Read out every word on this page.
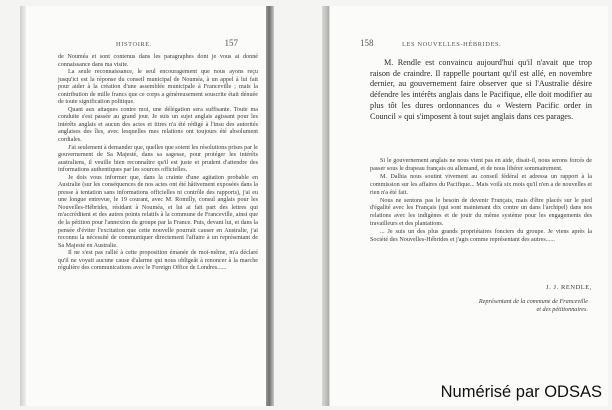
HISTOIRE.	157

de Nouméa et sont contenus dans les paragraphes dont je vous ai donné connaissance dans ma visite.

La seule reconnaissance, le seul encouragement que nous ayons reçu jusqu'ici est la réponse du conseil municipal de Nouméa, à un appel à lui fait pour aider à la création d'une assemblée municipale à Franceville ; mais la contribution de mille francs que ce corps a généreusement souscrite était dénuée de toute signification politique.

Quant aux attaques contre moi, une délégation sera suffisante. Toute ma conduite s'est passée au grand jour. Je suis un sujet anglais agissant pour les intérêts anglais et aucun des actes et titres n'a été rédigé à l'insu des autorités anglaises des îles, avec lesquelles mes relations ont toujours été absolument cordiales.

J'ai seulement à demander que, quelles que soient les résolutions prises par le gouvernement de Sa Majesté, dans sa sagesse, pour protéger les intérêts australiens, il veuille bien reconnaître qu'il est juste et prudent d'attendre des informations authentiques par les sources officielles.

Je dois vous informer que, dans la crainte d'une agitation probable en Australie (sur les conséquences de nos actes ont été hâtivement exposées dans la presse à tentation sans informations officielles ni contrôle des rapports), j'ai eu une longue entrevue, le 19 courant, avec M. Romilly, consul anglais pour les Nouvelles-Hébrides, résidant à Nouméa, et lui ai fait part des lettres qui m'accréditent et des autres points relatifs à la commune de Franceville, ainsi que de la pétition pour l'annexion du groupe par la France. Puis, devant lui, et dans la pensée d'éviter l'excitation que cette nouvelle pourrait causer en Australie, j'ai reconnu la nécessité de communiquer directement l'affaire à un représentant de Sa Majesté en Australie.

Il ne s'est pas rallié à cette proposition émanée de moi-même, m'a déclaré qu'il ne voyait aucune cause d'alarme qui nous obligeât à renoncer à la marche régulière des communications avec le Foreign Office de Londres......

158	LES NOUVELLES-HÉBRIDES.

M. Rendle est convaincu aujourd'hui qu'il n'avait que trop raison de craindre. Il rappelle pourtant qu'il est allé, en novembre dernier, au gouvernement faire observer que si l'Australie désire défendre les intérêts anglais dans le Pacifique, elle doit modifier au plus tôt les dures ordonnances du « Western Pacific order in Council » qui s'imposent à tout sujet anglais dans ces parages.

Si le gouvernement anglais ne nous vient pas en aide, disait-il, nous serons forcés de passer sous le drapeau français ou allemand, et de nous libérer sommairement.

M. Dalhia nous soutint vivement au conseil fédéral et adressa un rapport à la commission sur les affaires du Pacifique... Mais voilà six mois qu'il n'en a de nouvelles et rien n'a été fait.

Nous ne sentons pas le besoin de devenir Français, mais d'être placés sur le pied d'égalité avec les Français (qui sont maintenant dix contre un dans l'archipel) dans nos relations avec les indigènes et de jouir du même système pour les engagements des travailleurs et des plantations.

... Je suis un des plus grands propriétaires fonciers du groupe. Je viens après la Société des Nouvelles-Hébrides et j'agis comme représentant des autres......

J. J. RENDLE,
Représentant de la commune de Franceville
et des pétitionnaires.
Numérisé par ODSAS
